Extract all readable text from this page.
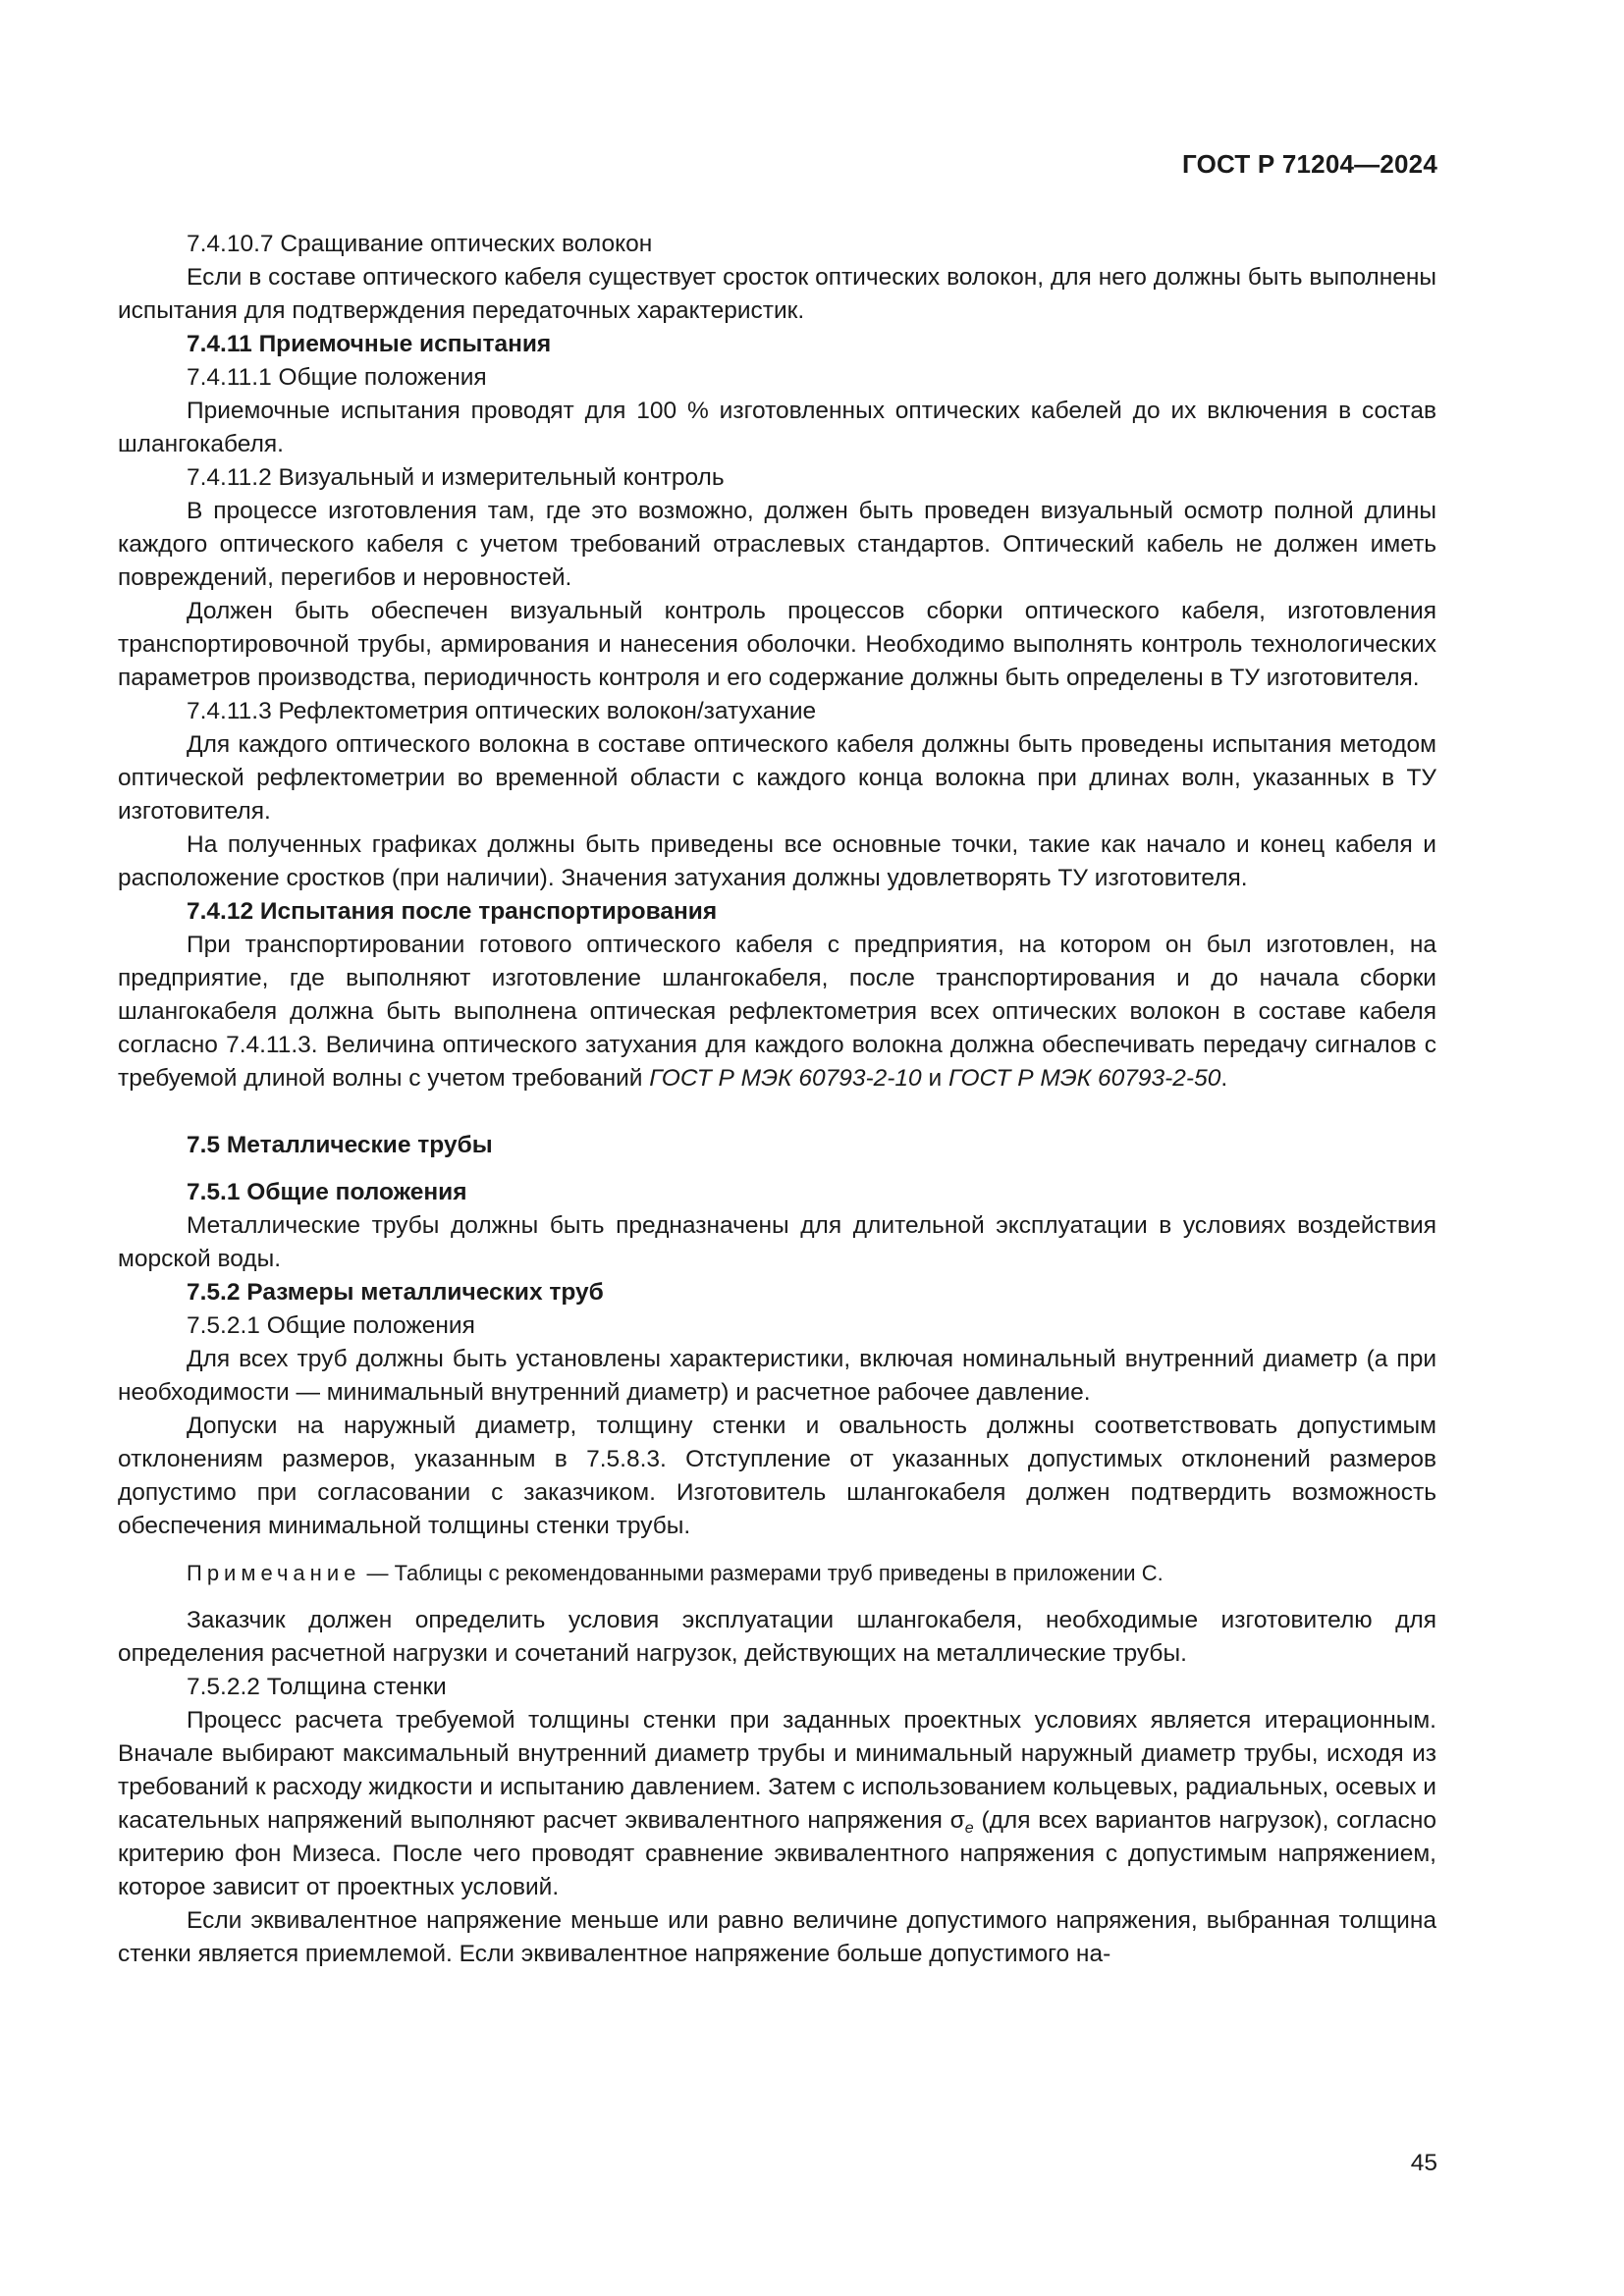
ГОСТ Р 71204—2024

7.4.10.7 Сращивание оптических волокон

Если в составе оптического кабеля существует сросток оптических волокон, для него должны быть выполнены испытания для подтверждения передаточных характеристик.

7.4.11 Приемочные испытания

7.4.11.1 Общие положения

Приемочные испытания проводят для 100 % изготовленных оптических кабелей до их включения в состав шлангокабеля.

7.4.11.2 Визуальный и измерительный контроль

В процессе изготовления там, где это возможно, должен быть проведен визуальный осмотр полной длины каждого оптического кабеля с учетом требований отраслевых стандартов. Оптический кабель не должен иметь повреждений, перегибов и неровностей.

Должен быть обеспечен визуальный контроль процессов сборки оптического кабеля, изготовления транспортировочной трубы, армирования и нанесения оболочки. Необходимо выполнять контроль технологических параметров производства, периодичность контроля и его содержание должны быть определены в ТУ изготовителя.

7.4.11.3 Рефлектометрия оптических волокон/затухание

Для каждого оптического волокна в составе оптического кабеля должны быть проведены испытания методом оптической рефлектометрии во временной области с каждого конца волокна при длинах волн, указанных в ТУ изготовителя.

На полученных графиках должны быть приведены все основные точки, такие как начало и конец кабеля и расположение сростков (при наличии). Значения затухания должны удовлетворять ТУ изготовителя.

7.4.12 Испытания после транспортирования

При транспортировании готового оптического кабеля с предприятия, на котором он был изготовлен, на предприятие, где выполняют изготовление шлангокабеля, после транспортирования и до начала сборки шлангокабеля должна быть выполнена оптическая рефлектометрия всех оптических волокон в составе кабеля согласно 7.4.11.3. Величина оптического затухания для каждого волокна должна обеспечивать передачу сигналов с требуемой длиной волны с учетом требований ГОСТ Р МЭК 60793-2-10 и ГОСТ Р МЭК 60793-2-50.

7.5 Металлические трубы

7.5.1 Общие положения

Металлические трубы должны быть предназначены для длительной эксплуатации в условиях воздействия морской воды.

7.5.2 Размеры металлических труб

7.5.2.1 Общие положения

Для всех труб должны быть установлены характеристики, включая номинальный внутренний диаметр (а при необходимости — минимальный внутренний диаметр) и расчетное рабочее давление.

Допуски на наружный диаметр, толщину стенки и овальность должны соответствовать допустимым отклонениям размеров, указанным в 7.5.8.3. Отступление от указанных допустимых отклонений размеров допустимо при согласовании с заказчиком. Изготовитель шлангокабеля должен подтвердить возможность обеспечения минимальной толщины стенки трубы.

Примечание — Таблицы с рекомендованными размерами труб приведены в приложении С.

Заказчик должен определить условия эксплуатации шлангокабеля, необходимые изготовителю для определения расчетной нагрузки и сочетаний нагрузок, действующих на металлические трубы.

7.5.2.2 Толщина стенки

Процесс расчета требуемой толщины стенки при заданных проектных условиях является итерационным. Вначале выбирают максимальный внутренний диаметр трубы и минимальный наружный диаметр трубы, исходя из требований к расходу жидкости и испытанию давлением. Затем с использованием кольцевых, радиальных, осевых и касательных напряжений выполняют расчет эквивалентного напряжения $\sigma_e$ (для всех вариантов нагрузок), согласно критерию фон Мизеса. После чего проводят сравнение эквивалентного напряжения с допустимым напряжением, которое зависит от проектных условий.

Если эквивалентное напряжение меньше или равно величине допустимого напряжения, выбранная толщина стенки является приемлемой. Если эквивалентное напряжение больше допустимого на-

45
